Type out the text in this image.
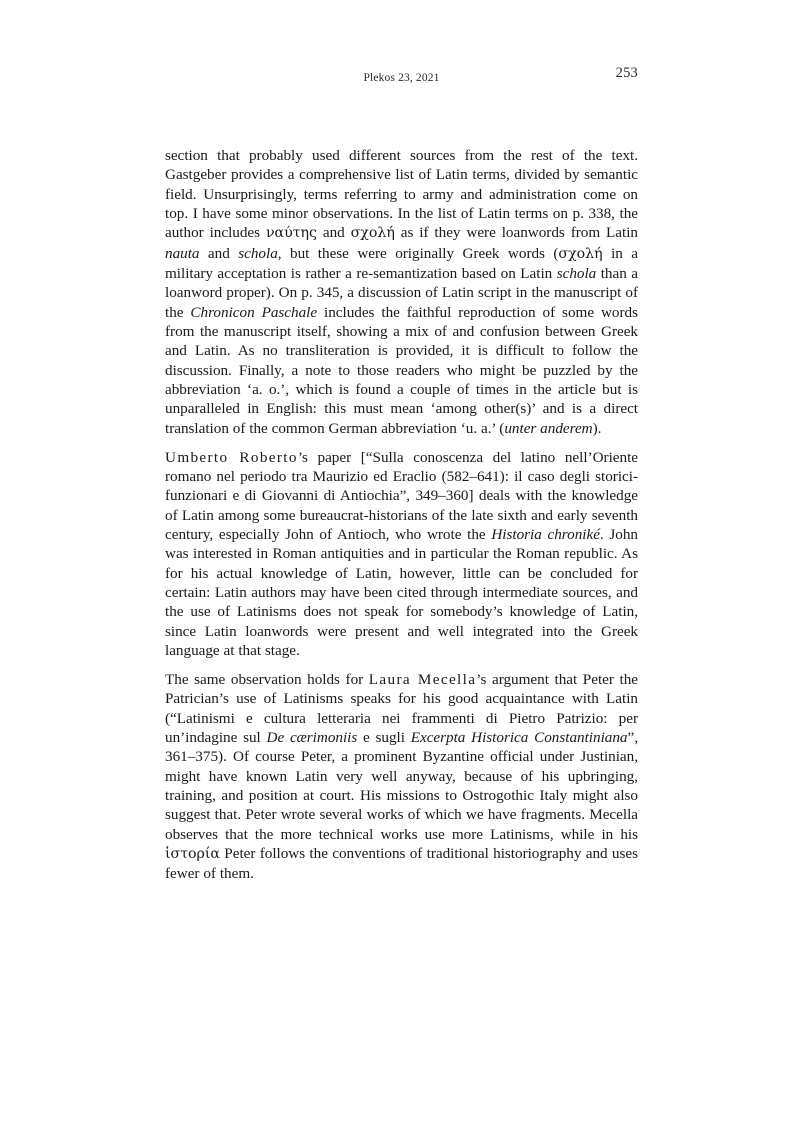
Plekos 23, 2021	253

section that probably used different sources from the rest of the text. Gastgeber provides a comprehensive list of Latin terms, divided by semantic field. Unsurprisingly, terms referring to army and administration come on top. I have some minor observations. In the list of Latin terms on p. 338, the author includes ναύτης and σχολή as if they were loanwords from Latin nauta and schola, but these were originally Greek words (σχολή in a military acceptation is rather a re-semantization based on Latin schola than a loanword proper). On p. 345, a discussion of Latin script in the manuscript of the Chronicon Paschale includes the faithful reproduction of some words from the manuscript itself, showing a mix of and confusion between Greek and Latin. As no transliteration is provided, it is difficult to follow the discussion. Finally, a note to those readers who might be puzzled by the abbreviation ‘a. o.’, which is found a couple of times in the article but is unparalleled in English: this must mean ‘among other(s)’ and is a direct translation of the common German abbreviation ‘u. a.’ (unter anderem).

Umberto Roberto’s paper [“Sulla conoscenza del latino nell’Oriente romano nel periodo tra Maurizio ed Eraclio (582–641): il caso degli storici-funzionari e di Giovanni di Antiochia”, 349–360] deals with the knowledge of Latin among some bureaucrat-historians of the late sixth and early seventh century, especially John of Antioch, who wrote the Historia chroniké. John was interested in Roman antiquities and in particular the Roman republic. As for his actual knowledge of Latin, however, little can be concluded for certain: Latin authors may have been cited through intermediate sources, and the use of Latinisms does not speak for somebody’s knowledge of Latin, since Latin loanwords were present and well integrated into the Greek language at that stage.

The same observation holds for Laura Mecella’s argument that Peter the Patrician’s use of Latinisms speaks for his good acquaintance with Latin (“Latinismi e cultura letteraria nei frammenti di Pietro Patrizio: per un’indagine sul De cærimoniis e sugli Excerpta Historica Constantiniana”, 361–375). Of course Peter, a prominent Byzantine official under Justinian, might have known Latin very well anyway, because of his upbringing, training, and position at court. His missions to Ostrogothic Italy might also suggest that. Peter wrote several works of which we have fragments. Mecella observes that the more technical works use more Latinisms, while in his ἱστορία Peter follows the conventions of traditional historiography and uses fewer of them.
